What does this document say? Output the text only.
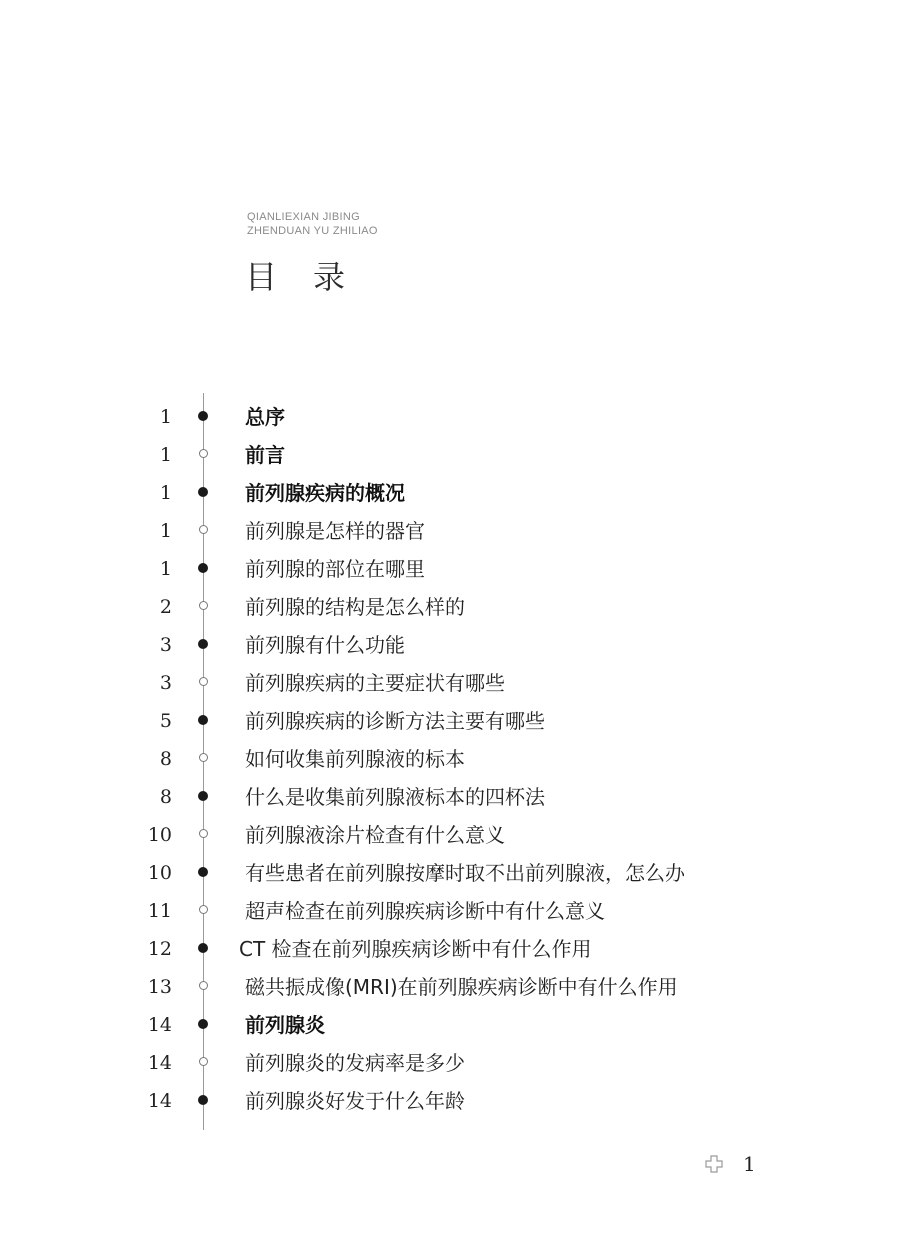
QIANLIEXIAN JIBING
ZHENDUAN YU ZHILIAO
目录
1	总序
1	前言
1	前列腺疾病的概况
1	前列腺是怎样的器官
1	前列腺的部位在哪里
2	前列腺的结构是怎么样的
3	前列腺有什么功能
3	前列腺疾病的主要症状有哪些
5	前列腺疾病的诊断方法主要有哪些
8	如何收集前列腺液的标本
8	什么是收集前列腺液标本的四杯法
10	前列腺液涂片检查有什么意义
10	有些患者在前列腺按摩时取不出前列腺液，怎么办
11	超声检查在前列腺疾病诊断中有什么意义
12	CT 检查在前列腺疾病诊断中有什么作用
13	磁共振成像(MRI)在前列腺疾病诊断中有什么作用
14	前列腺炎
14	前列腺炎的发病率是多少
14	前列腺炎好发于什么年龄
1
